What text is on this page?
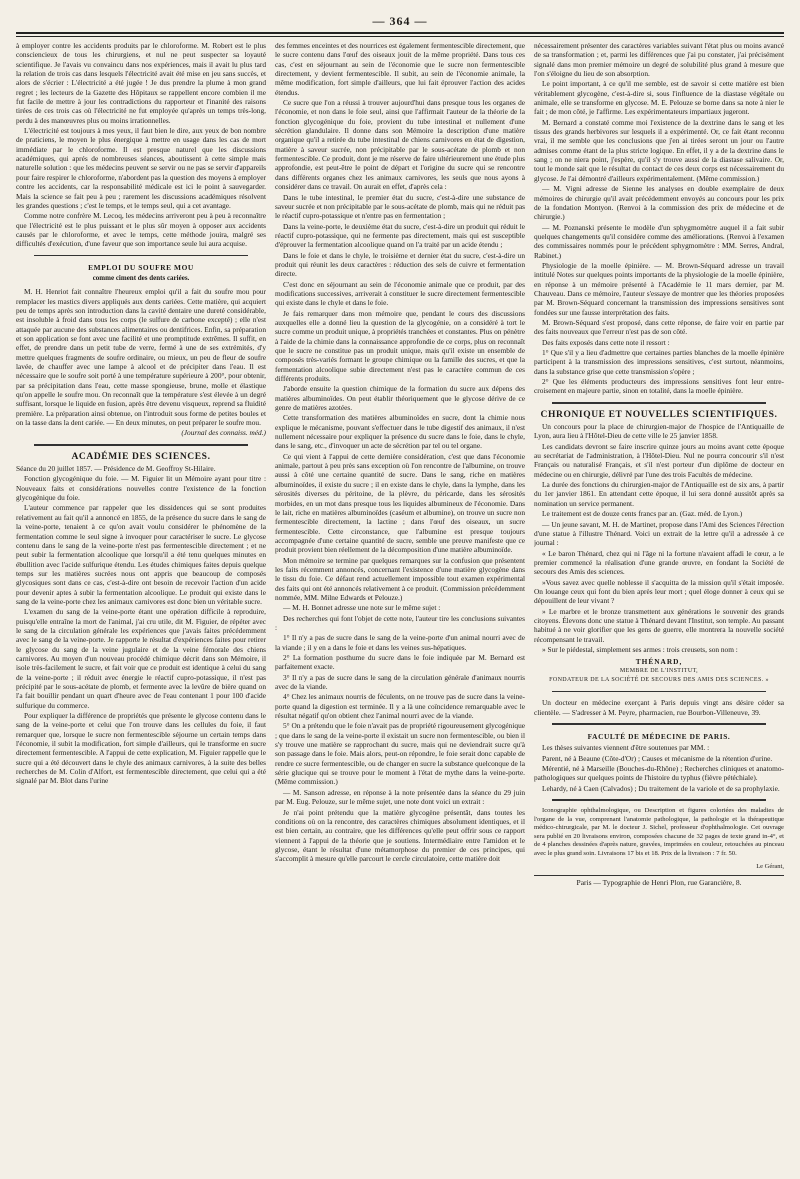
— 364 —

à employer contre les accidents produits par le chloroforme. M. Robert est le plus consciencieux de tous les chirurgiens, et nul ne peut suspecter sa loyauté scientifique. Je l'avais vu convaincu dans nos expériences, mais il avait lu plus tard la relation de trois cas dans lesquels l'électricité avait été mise en jeu sans succès, et alors de s'écrier : L'électricité a été jugée ! Je dus prendre la plume à mon grand regret ; les lecteurs de la Gazette des Hôpitaux se rappellent encore combien il me fut facile de mettre à jour les contradictions du rapporteur et l'inanité des raisons tirées de ces trois cas où l'électricité ne fut employée qu'après un temps très-long, perdu à des manœuvres plus ou moins irrationnelles.

L'électricité est toujours à mes yeux, il faut bien le dire, aux yeux de bon nombre de praticiens, le moyen le plus énergique à mettre en usage dans les cas de mort immédiate par le chloroforme. Il est presque naturel que les discussions académiques, qui aprés de nombreuses séances, aboutissent à cette simple mais naturelle solution : que les médecins peuvent se servir ou ne pas se servir d'appareils pour faire respirer le chloroforme, n'abordent pas la question des moyens à employer contre les accidents, car la responsabilité médicale est ici le point à sauvegarder. Mais la science se fait peu à peu ; rarement les discussions académiques résolvent les grandes questions ; c'est le temps, et le temps seul, qui a cet avantage.

Comme notre confrère M. Lecoq, les médecins arriveront peu à peu à reconnaître que l'électricité est le plus puissant et le plus sûr moyen à opposer aux accidents causés par le chloroforme, et avec le temps, cette méthode jouira, malgré ses difficultés d'exécution, d'une faveur que son importance seule lui aura acquise.

EMPLOI DU SOUFRE MOU
comme ciment des dents cariées.

M. H. Henriot fait connaître l'heureux emploi qu'il a fait du soufre mou pour remplacer les mastics divers appliqués aux dents cariées. Cette matière, qui acquiert peu de temps après son introduction dans la cavité dentaire une dureté considérable, est insoluble à froid dans tous les corps (le sulfure de carbone excepté) ; elle n'est attaquée par aucune des substances alimentaires ou dentifrices. Enfin, sa préparation et son application se font avec une facilité et une promptitude extrêmes. Il suffit, en effet, de prendre dans un petit tube de verre, fermé à une de ses extrémités, d'y mettre quelques fragments de soufre ordinaire, ou mieux, un peu de fleur de soufre lavée, de chauffer avec une lampe à alcool et de précipiter dans l'eau. Il est nécessaire que le soufre soit porté à une température supérieure à 200°, pour obtenir, par sa précipitation dans l'eau, cette masse spongieuse, brune, molle et élastique qu'on appelle le soufre mou. On reconnaît que la température s'est élevée à un degré suffisant, lorsque le liquide en fusion, après être devenu visqueux, reprend sa fluidité première. La préparation ainsi obtenue, on l'introduit sous forme de petites boules et on la tasse dans la dent cariée. — En deux minutes, on peut préparer le soufre mou.

(Journal des connaiss. méd.)
ACADÉMIE DES SCIENCES.

Séance du 20 juillet 1857. — Présidence de M. Geoffroy St-Hilaire.

Fonction glycogénique du foie. — M. Figuier lit un Mémoire ayant pour titre : Nouveaux faits et considérations nouvelles contre l'existence de la fonction glycogénique du foie.

L'auteur commence par rappeler que les dissidences qui se sont produites relativement au fait qu'il a annoncé en 1855, de la présence du sucre dans le sang de la veine-porte, tenaient à ce qu'on avait voulu considérer le phénomène de la fermentation comme le seul signe à invoquer pour caractériser le sucre. Le glycose contenu dans le sang de la veine-porte n'est pas fermentescible directement ; et ne peut subir la fermentation alcoolique que lorsqu'il a été tenu quelques minutes en ébullition avec l'acide sulfurique étendu. Les études chimiques faites depuis quelque temps sur les matières sucrées nous ont appris que beaucoup de composés glycosiques sont dans ce cas, c'est-à-dire ont besoin de recevoir l'action d'un acide pour devenir aptes à subir la fermentation alcoolique. Le produit qui existe dans le sang de la veine-porte chez les animaux carnivores est donc bien un véritable sucre.

L'examen du sang de la veine-porte étant une opération difficile à reproduire, puisqu'elle entraîne la mort de l'animal, j'ai cru utile, dit M. Figuier, de répéter avec le sang de la circulation générale les expériences que j'avais faites précédemment avec le sang de la veine-porte. Je rapporte le résultat d'expériences faites pour retirer le glycose du sang de la veine jugulaire et de la veine fémorale des chiens carnivores. Au moyen d'un nouveau procédé chimique décrit dans son Mémoire, il isole très-facilement le sucre, et fait voir que ce produit est identique à celui du sang de la veine-porte ; il réduit avec énergie le réactif cupro-potassique, il n'est pas précipité par le sous-acétate de plomb, et fermente avec la levûre de bière quand on l'a fait bouillir pendant un quart d'heure avec de l'eau contenant 1 pour 100 d'acide sulfurique du commerce.

Pour expliquer la différence de propriétés que présente le glycose contenu dans le sang de la veine-porte et celui que l'on trouve dans les cellules du foie, il faut remarquer que, lorsque le sucre non fermentescible séjourne un certain temps dans l'économie, il subit la modification, fort simple d'ailleurs, qui le transforme en sucre directement fermentescible. A l'appui de cette explication, M. Figuier rappelle que le sucre qui a été découvert dans le chyle des animaux carnivores, à la suite des belles recherches de M. Colin d'Alfort, est fermentescible directement, que celui qui a été signalé par M. Blot dans l'urine

des femmes enceintes et des nourrices est également fermentescible directement, que le sucre contenu dans l'œuf des oiseaux jouit de la même propriété. Dans tous ces cas, c'est en séjournant au sein de l'économie que le sucre non fermentescible directement, y devient fermentescible. Il subit, au sein de l'économie animale, la même modification, fort simple d'ailleurs, que lui fait éprouver l'action des acides étendus.

Ce sucre que l'on a réussi à trouver aujourd'hui dans presque tous les organes de l'économie, et non dans le foie seul, ainsi que l'affirmait l'auteur de la théorie de la fonction glycogénique du foie, provient du tube intestinal et nullement d'une sécrétion glandulaire. Il donne dans son Mémoire la description d'une matière organique qu'il a retirée du tube intestinal de chiens carnivores en état de digestion, matière à saveur sucrée, non précipitable par le sous-acétate de plomb et non fermentescible. Ce produit, dont je me réserve de faire ultérieurement une étude plus approfondie, est peut-être le point de départ et l'origine du sucre qui se rencontre dans différents organes chez les animaux carnivores, les seuls que nous ayons à considérer dans ce travail. On aurait en effet, d'après cela :

Dans le tube intestinal, le premier état du sucre, c'est-à-dire une substance de saveur sucrée et non précipitable par le sous-acétate de plomb, mais qui ne réduit pas le réactif cupro-potassique et n'entre pas en fermentation ;

Dans la veine-porte, le deuxième état du sucre, c'est-à-dire un produit qui réduit le réactif cupro-potassique, qui ne fermente pas directement, mais qui est susceptible d'éprouver la fermentation alcoolique quand on l'a traité par un acide étendu ;

Dans le foie et dans le chyle, le troisième et dernier état du sucre, c'est-à-dire un produit qui réunit les deux caractères : réduction des sels de cuivre et fermentation directe.

C'est donc en séjournant au sein de l'économie animale que ce produit, par des modifications successives, arriverait à constituer le sucre directement fermentescible qui existe dans le chyle et dans le foie.

Je fais remarquer dans mon mémoire que, pendant le cours des discussions auxquelles elle a donné lieu la question de la glycogénie, on a considéré à tort le sucre comme un produit unique, à propriétés tranchées et constantes. Plus on pénètre à l'aide de la chimie dans la connaissance approfondie de ce corps, plus on reconnaît que le sucre ne constitue pas un produit unique, mais qu'il existe un ensemble de composés très-variés formant le groupe chimique ou la famille des sucres, et que la fermentation alcoolique subie directement n'est pas le caractère commun de ces différents produits.

J'aborde ensuite la question chimique de la formation du sucre aux dépens des matières albuminoïdes. On peut établir théoriquement que le glycose dérive de ce genre de matières azotées.

Cette transformation des matières albuminoïdes en sucre, dont la chimie nous explique le mécanisme, pouvant s'effectuer dans le tube digestif des animaux, il n'est nullement nécessaire pour expliquer la présence du sucre dans le foie, dans le chyle, dans le sang, etc., d'invoquer un acte de sécrétion par tel ou tel organe.

Ce qui vient à l'appui de cette dernière considération, c'est que dans l'économie animale, partout à peu près sans exception où l'on rencontre de l'albumine, on trouve aussi à côté une certaine quantité de sucre. Dans le sang, riche en matières albuminoïdes, il existe du sucre ; il en existe dans le chyle, dans la lymphe, dans les sérosités diverses du péritoine, de la plèvre, du péricarde, dans les sérosités morbides, en un mot dans presque tous les liquides albumineux de l'économie. Dans le lait, riche en matières albuminoïdes (caséum et albumine), on trouve un sucre non fermentescible directement, la lactine ; dans l'œuf des oiseaux, un sucre fermentescible. Cette circonstance, que l'albumine est presque toujours accompagnée d'une certaine quantité de sucre, semble une preuve manifeste que ce produit provient bien réellement de la décomposition d'une matière albuminoïde.

Mon mémoire se termine par quelques remarques sur la confusion que présentent les faits récemment annoncés, concernant l'existence d'une matière glycogène dans le tissu du foie. Ce défaut rend actuellement impossible tout examen expérimental des faits qui ont été annoncés relativement à ce produit. (Commission précédemment nommée, MM. Milne Edwards et Pelouze.)

— M. H. Bonnet adresse une note sur le même sujet :

Des recherches qui font l'objet de cette note, l'auteur tire les conclusions suivantes :

1° Il n'y a pas de sucre dans le sang de la veine-porte d'un animal nourri avec de la viande ; il y en a dans le foie et dans les veines sus-hépatiques.

2° La formation posthume du sucre dans le foie indiquée par M. Bernard est parfaitement exacte.

3° Il n'y a pas de sucre dans le sang de la circulation générale d'animaux nourris avec de la viande.

4° Chez les animaux nourris de féculents, on ne trouve pas de sucre dans la veine-porte quand la digestion est terminée. Il y a là une coïncidence remarquable avec le résultat négatif qu'on obtient chez l'animal nourri avec de la viande.

5° On a prétendu que le foie n'avait pas de propriété rigoureusement glycogénique ; que dans le sang de la veine-porte il existait un sucre non fermentescible, ou bien il s'y trouve une matière se rapprochant du sucre, mais qui ne deviendrait sucre qu'à son passage dans le foie. Mais alors, peut-on répondre, le foie serait donc capable de rendre ce sucre fermentescible, ou de changer en sucre la substance quelconque de la série glucique qui se trouve pour le moment à l'état de mythe dans la veine-porte. (Même commission.)

— M. Sanson adresse, en réponse à la note présentée dans la séance du 29 juin par M. Eug. Pelouze, sur le même sujet, une note dont voici un extrait :

Je n'ai point prétendu que la matière glycogène présentât, dans toutes les conditions où on la rencontre, des caractères chimiques absolument identiques, et il est bien certain, au contraire, que les différences qu'elle peut offrir sous ce rapport viennent à l'appui de la théorie que je soutiens. Intermédiaire entre l'amidon et le glycose, étant le résultat d'une métamorphose du premier de ces principes, qui s'accomplit à mesure qu'elle parcourt le cercle circulatoire, cette matière doit

nécessairement présenter des caractères variables suivant l'état plus ou moins avancé de sa transformation ; et, parmi les différences que j'ai pu constater, j'ai précisément signalé dans mon premier mémoire un degré de solubilité plus grand à mesure que l'on s'éloigne du lieu de son absorption.

Le point important, à ce qu'il me semble, est de savoir si cette matière est bien véritablement glycogène, c'est-à-dire si, sous l'influence de la diastase végétale ou animale, elle se transforme en glycose. M. E. Pelouze se borne dans sa note à nier le fait ; de mon côté, je l'affirme. Les expérimentateurs impartiaux jugeront.

M. Bernard a constaté comme moi l'existence de la dextrine dans le sang et les tissus des grands herbivores sur lesquels il a expérimenté. Or, ce fait étant reconnu vrai, il me semble que les conclusions que j'en ai tirées seront un jour ou l'autre admises comme étant de la plus stricte logique. En effet, il y a de la dextrine dans le sang ; on ne niera point, j'espère, qu'il s'y trouve aussi de la diastase salivaire. Or, tout le monde sait que le résultat du contact de ces deux corps est nécessairement du glycose. Je l'ai démontré d'ailleurs expérimentalement. (Même commission.)

— M. Vigni adresse de Sienne les analyses en double exemplaire de deux mémoires de chirurgie qu'il avait précédemment envoyés au concours pour les prix de la fondation Montyon. (Renvoi à la commission des prix de médecine et de chirurgie.)

— M. Poznanski présente le modèle d'un sphygmomètre auquel il a fait subir quelques changements qu'il considère comme des améliorations. (Renvoi à l'examen des commissaires nommés pour le précédent sphygmomètre : MM. Serres, Andral, Rabinet.)

Physiologie de la moelle épinière. — M. Brown-Séquard adresse un travail intitulé Notes sur quelques points importants de la physiologie de la moelle épinière, en réponse à un mémoire présenté à l'Académie le 11 mars dernier, par M. Chauveau. Dans ce mémoire, l'auteur s'essaye de montrer que les théories proposées par M. Brown-Séquard concernant la transmission des impressions sensitives sont fondées sur une fausse interprétation des faits.

M. Brown-Séquard s'est proposé, dans cette réponse, de faire voir en partie par des faits nouveaux que l'erreur n'est pas de son côté.

Des faits exposés dans cette note il ressort :

1° Que s'il y a lieu d'admettre que certaines parties blanches de la moelle épinière participent à la transmission des impressions sensitives, c'est surtout, néanmoins, dans la substance grise que cette transmission s'opère ;

2° Que les éléments producteurs des impressions sensitives font leur entre-croisement en majeure partie, sinon en totalité, dans la moelle épinière.

CHRONIQUE ET NOUVELLES SCIENTIFIQUES.

Un concours pour la place de chirurgien-major de l'hospice de l'Antiquaille de Lyon, aura lieu à l'Hôtel-Dieu de cette ville le 25 janvier 1858.

Les candidats devront se faire inscrire quinze jours au moins avant cette époque au secrétariat de l'administration, à l'Hôtel-Dieu. Nul ne pourra concourir s'il n'est Français ou naturalisé Français, et s'il n'est porteur d'un diplôme de docteur en médecine ou en chirurgie, délivré par l'une des trois Facultés de médecine.

La durée des fonctions du chirurgien-major de l'Antiquaille est de six ans, à partir du 1er janvier 1861. En attendant cette époque, il lui sera donné aussitôt après sa nomination un service permanent.

Le traitement est de douze cents francs par an. (Gaz. méd. de Lyon.)

— Un jeune savant, M. H. de Martinet, propose dans l'Ami des Sciences l'érection d'une statue à l'illustre Thénard. Voici un extrait de la lettre qu'il a adressée à ce journal :

« Le baron Thénard, chez qui ni l'âge ni la fortune n'avaient affadi le cœur, a le premier commencé la réalisation d'une grande œuvre, en fondant la Société de secours des Amis des sciences.

»Vous savez avec quelle noblesse il s'acquitta de la mission qu'il s'était imposée. On louange ceux qui font du bien après leur mort ; quel éloge donner à ceux qui se dépouillent de leur vivant ?

» Le marbre et le bronze transmettent aux générations le souvenir des grands citoyens. Élevons donc une statue à Thénard devant l'Institut, son temple. Au passant habitué à ne voir glorifier que les gens de guerre, elle montrera la nouvelle société récompensant le travail.

» Sur le piédestal, simplement ses armes : trois creusets, son nom :

THÉNARD,
MEMBRE DE L'INSTITUT,
FONDATEUR DE LA SOCIÉTÉ DE SECOURS DES AMIS DES SCIENCES. »

Un docteur en médecine exerçant à Paris depuis vingt ans désire céder sa clientèle. — S'adresser à M. Peyre, pharmacien, rue Bourbon-Villeneuve, 39.

FACULTÉ DE MÉDECINE DE PARIS.

Les thèses suivantes viennent d'être soutenues par MM. :

Parent, né à Beaune (Côte-d'Or) ; Causes et mécanisme de la rétention d'urine.

Mérentié, né à Marseille (Bouches-du-Rhône) ; Recherches cliniques et anatomo-pathologiques sur quelques points de l'histoire du typhus (fièvre pétéchiale).

Lehardy, né à Caen (Calvados) ; Du traitement de la variole et de sa prophylaxie.

Iconographie ophthalmologique, ou Description et figures coloriées des maladies de l'organe de la vue, comprenant l'anatomie pathologique, la pathologie et la thérapeutique médico-chirurgicale, par M. le docteur J. Sichel, professeur d'ophthalmologie. Cet ouvrage sera publié en 20 livraisons environ, composées chacune de 32 pages de texte grand in-4°, et de 4 planches dessinées d'après nature, gravées, imprimées en couleur, retouchées au pinceau avec le plus grand soin. Livraisons 17 bis et 18. Prix de la livraison : 7 fr. 50.

Le Gérant,
Paris — Typographie de Henri Plon, rue Garancière, 8.
